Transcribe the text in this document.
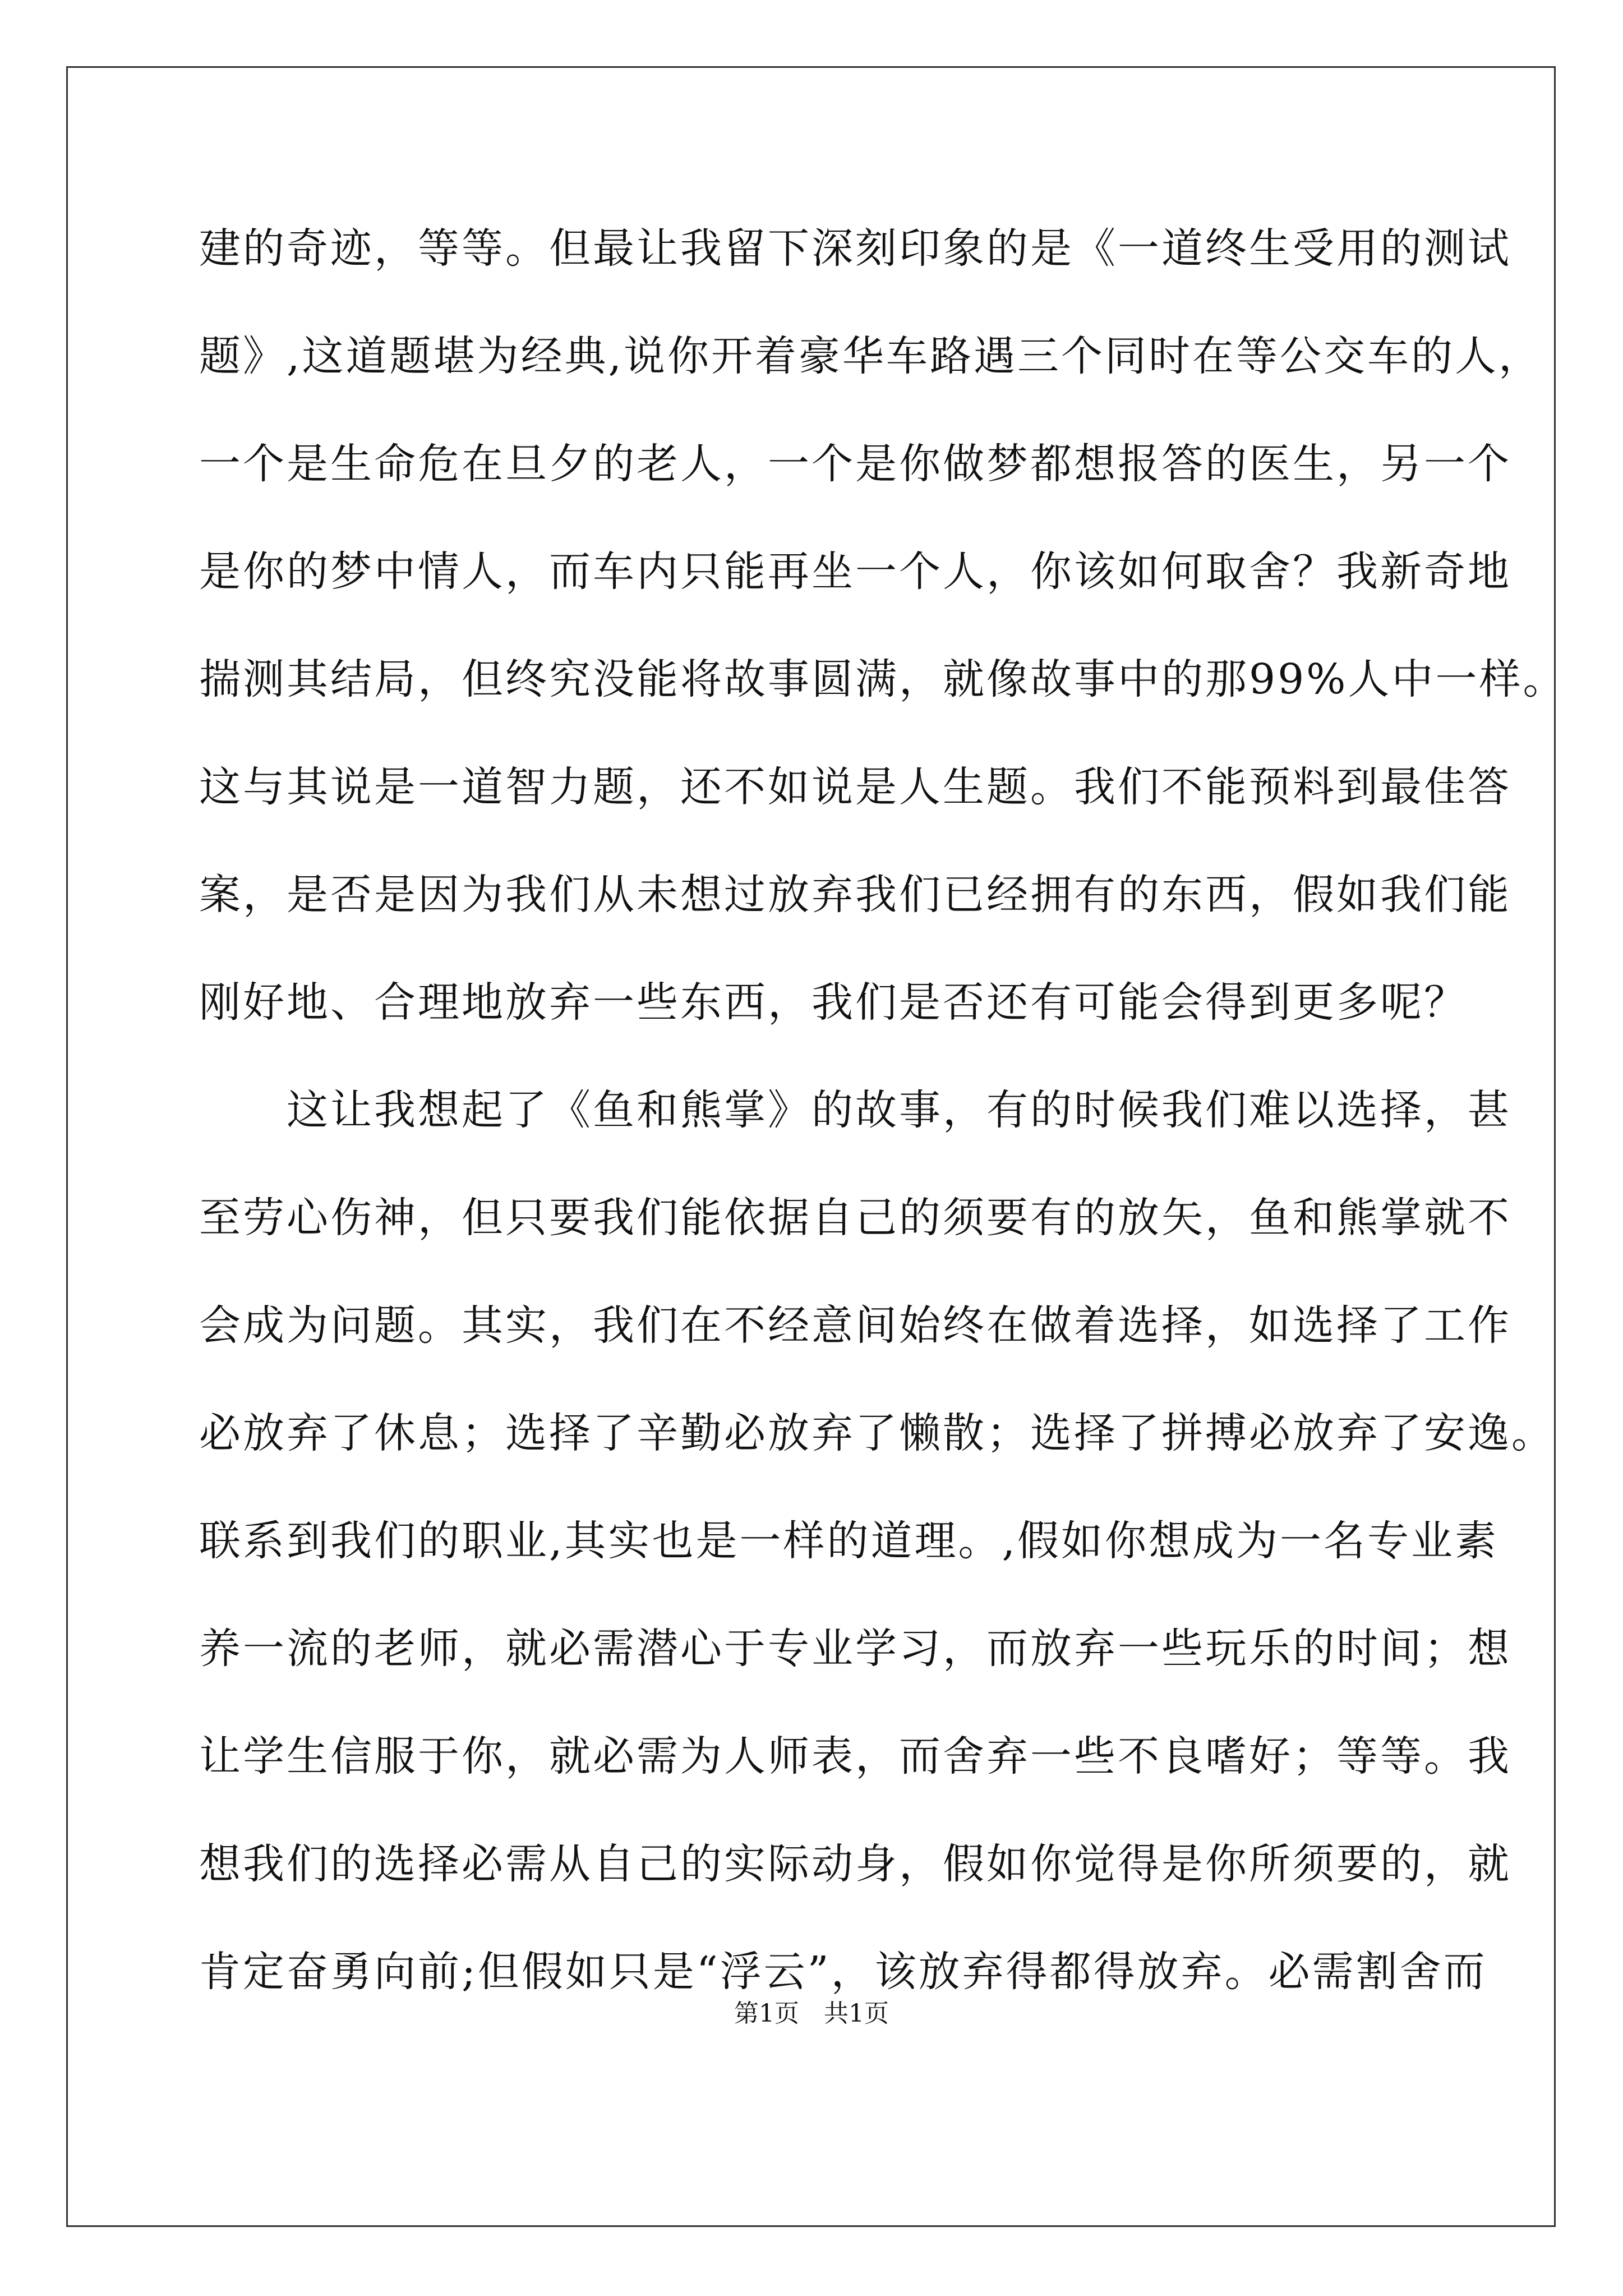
建的奇迹，等等。但最让我留下深刻印象的是《一道终生受用的测试
题》,这道题堪为经典,说你开着豪华车路遇三个同时在等公交车的人，
一个是生命危在旦夕的老人，一个是你做梦都想报答的医生，另一个
是你的梦中情人，而车内只能再坐一个人，你该如何取舍？我新奇地
揣测其结局，但终究没能将故事圆满，就像故事中的那99%人中一样。
这与其说是一道智力题，还不如说是人生题。我们不能预料到最佳答
案，是否是因为我们从未想过放弃我们已经拥有的东西，假如我们能
刚好地、合理地放弃一些东西，我们是否还有可能会得到更多呢？
　　这让我想起了《鱼和熊掌》的故事，有的时候我们难以选择，甚
至劳心伤神，但只要我们能依据自己的须要有的放矢，鱼和熊掌就不
会成为问题。其实，我们在不经意间始终在做着选择，如选择了工作
必放弃了休息；选择了辛勤必放弃了懒散；选择了拼搏必放弃了安逸。
联系到我们的职业,其实也是一样的道理。,假如你想成为一名专业素
养一流的老师，就必需潜心于专业学习，而放弃一些玩乐的时间；想
让学生信服于你，就必需为人师表，而舍弃一些不良嗜好；等等。我
想我们的选择必需从自己的实际动身，假如你觉得是你所须要的，就
肯定奋勇向前;但假如只是“浮云”，该放弃得都得放弃。必需割舍而
第1页　共1页
